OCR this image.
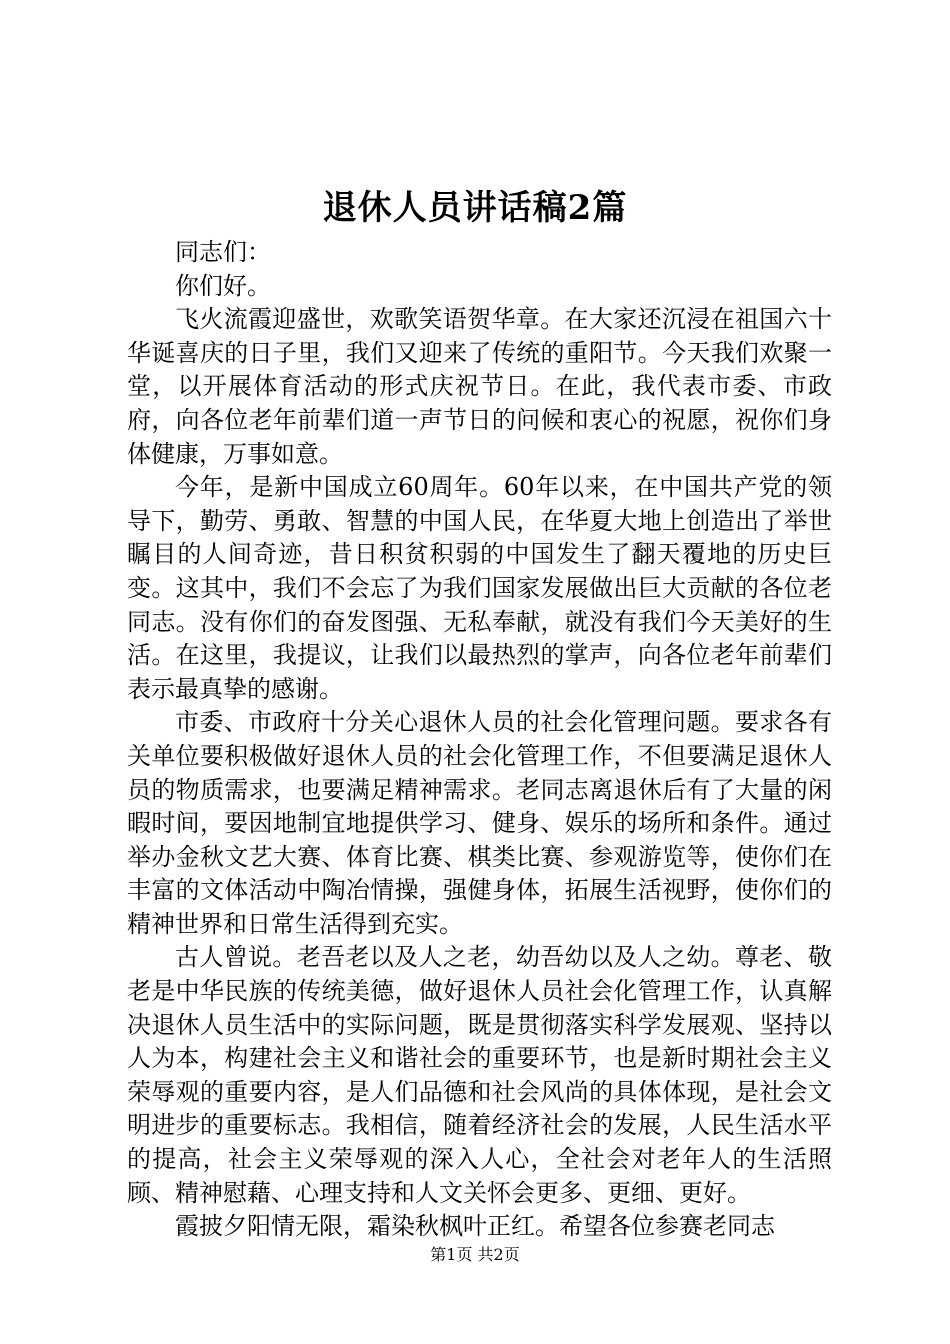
退休人员讲话稿2篇

同志们：

你们好。

飞火流霞迎盛世，欢歌笑语贺华章。在大家还沉浸在祖国六十华诞喜庆的日子里，我们又迎来了传统的重阳节。今天我们欢聚一堂，以开展体育活动的形式庆祝节日。在此，我代表市委、市政府，向各位老年前辈们道一声节日的问候和衷心的祝愿，祝你们身体健康，万事如意。

今年，是新中国成立60周年。60年以来，在中国共产党的领导下，勤劳、勇敢、智慧的中国人民，在华夏大地上创造出了举世瞩目的人间奇迹，昔日积贫积弱的中国发生了翻天覆地的历史巨变。这其中，我们不会忘了为我们国家发展做出巨大贡献的各位老同志。没有你们的奋发图强、无私奉献，就没有我们今天美好的生活。在这里，我提议，让我们以最热烈的掌声，向各位老年前辈们表示最真挚的感谢。

市委、市政府十分关心退休人员的社会化管理问题。要求各有关单位要积极做好退休人员的社会化管理工作，不但要满足退休人员的物质需求，也要满足精神需求。老同志离退休后有了大量的闲暇时间，要因地制宜地提供学习、健身、娱乐的场所和条件。通过举办金秋文艺大赛、体育比赛、棋类比赛、参观游览等，使你们在丰富的文体活动中陶冶情操，强健身体，拓展生活视野，使你们的精神世界和日常生活得到充实。

古人曾说。老吾老以及人之老，幼吾幼以及人之幼。尊老、敬老是中华民族的传统美德，做好退休人员社会化管理工作，认真解决退休人员生活中的实际问题，既是贯彻落实科学发展观、坚持以人为本，构建社会主义和谐社会的重要环节，也是新时期社会主义荣辱观的重要内容，是人们品德和社会风尚的具体体现，是社会文明进步的重要标志。我相信，随着经济社会的发展，人民生活水平的提高，社会主义荣辱观的深入人心，全社会对老年人的生活照顾、精神慰藉、心理支持和人文关怀会更多、更细、更好。

霞披夕阳情无限，霜染秋枫叶正红。希望各位参赛老同志

第1页 共2页
